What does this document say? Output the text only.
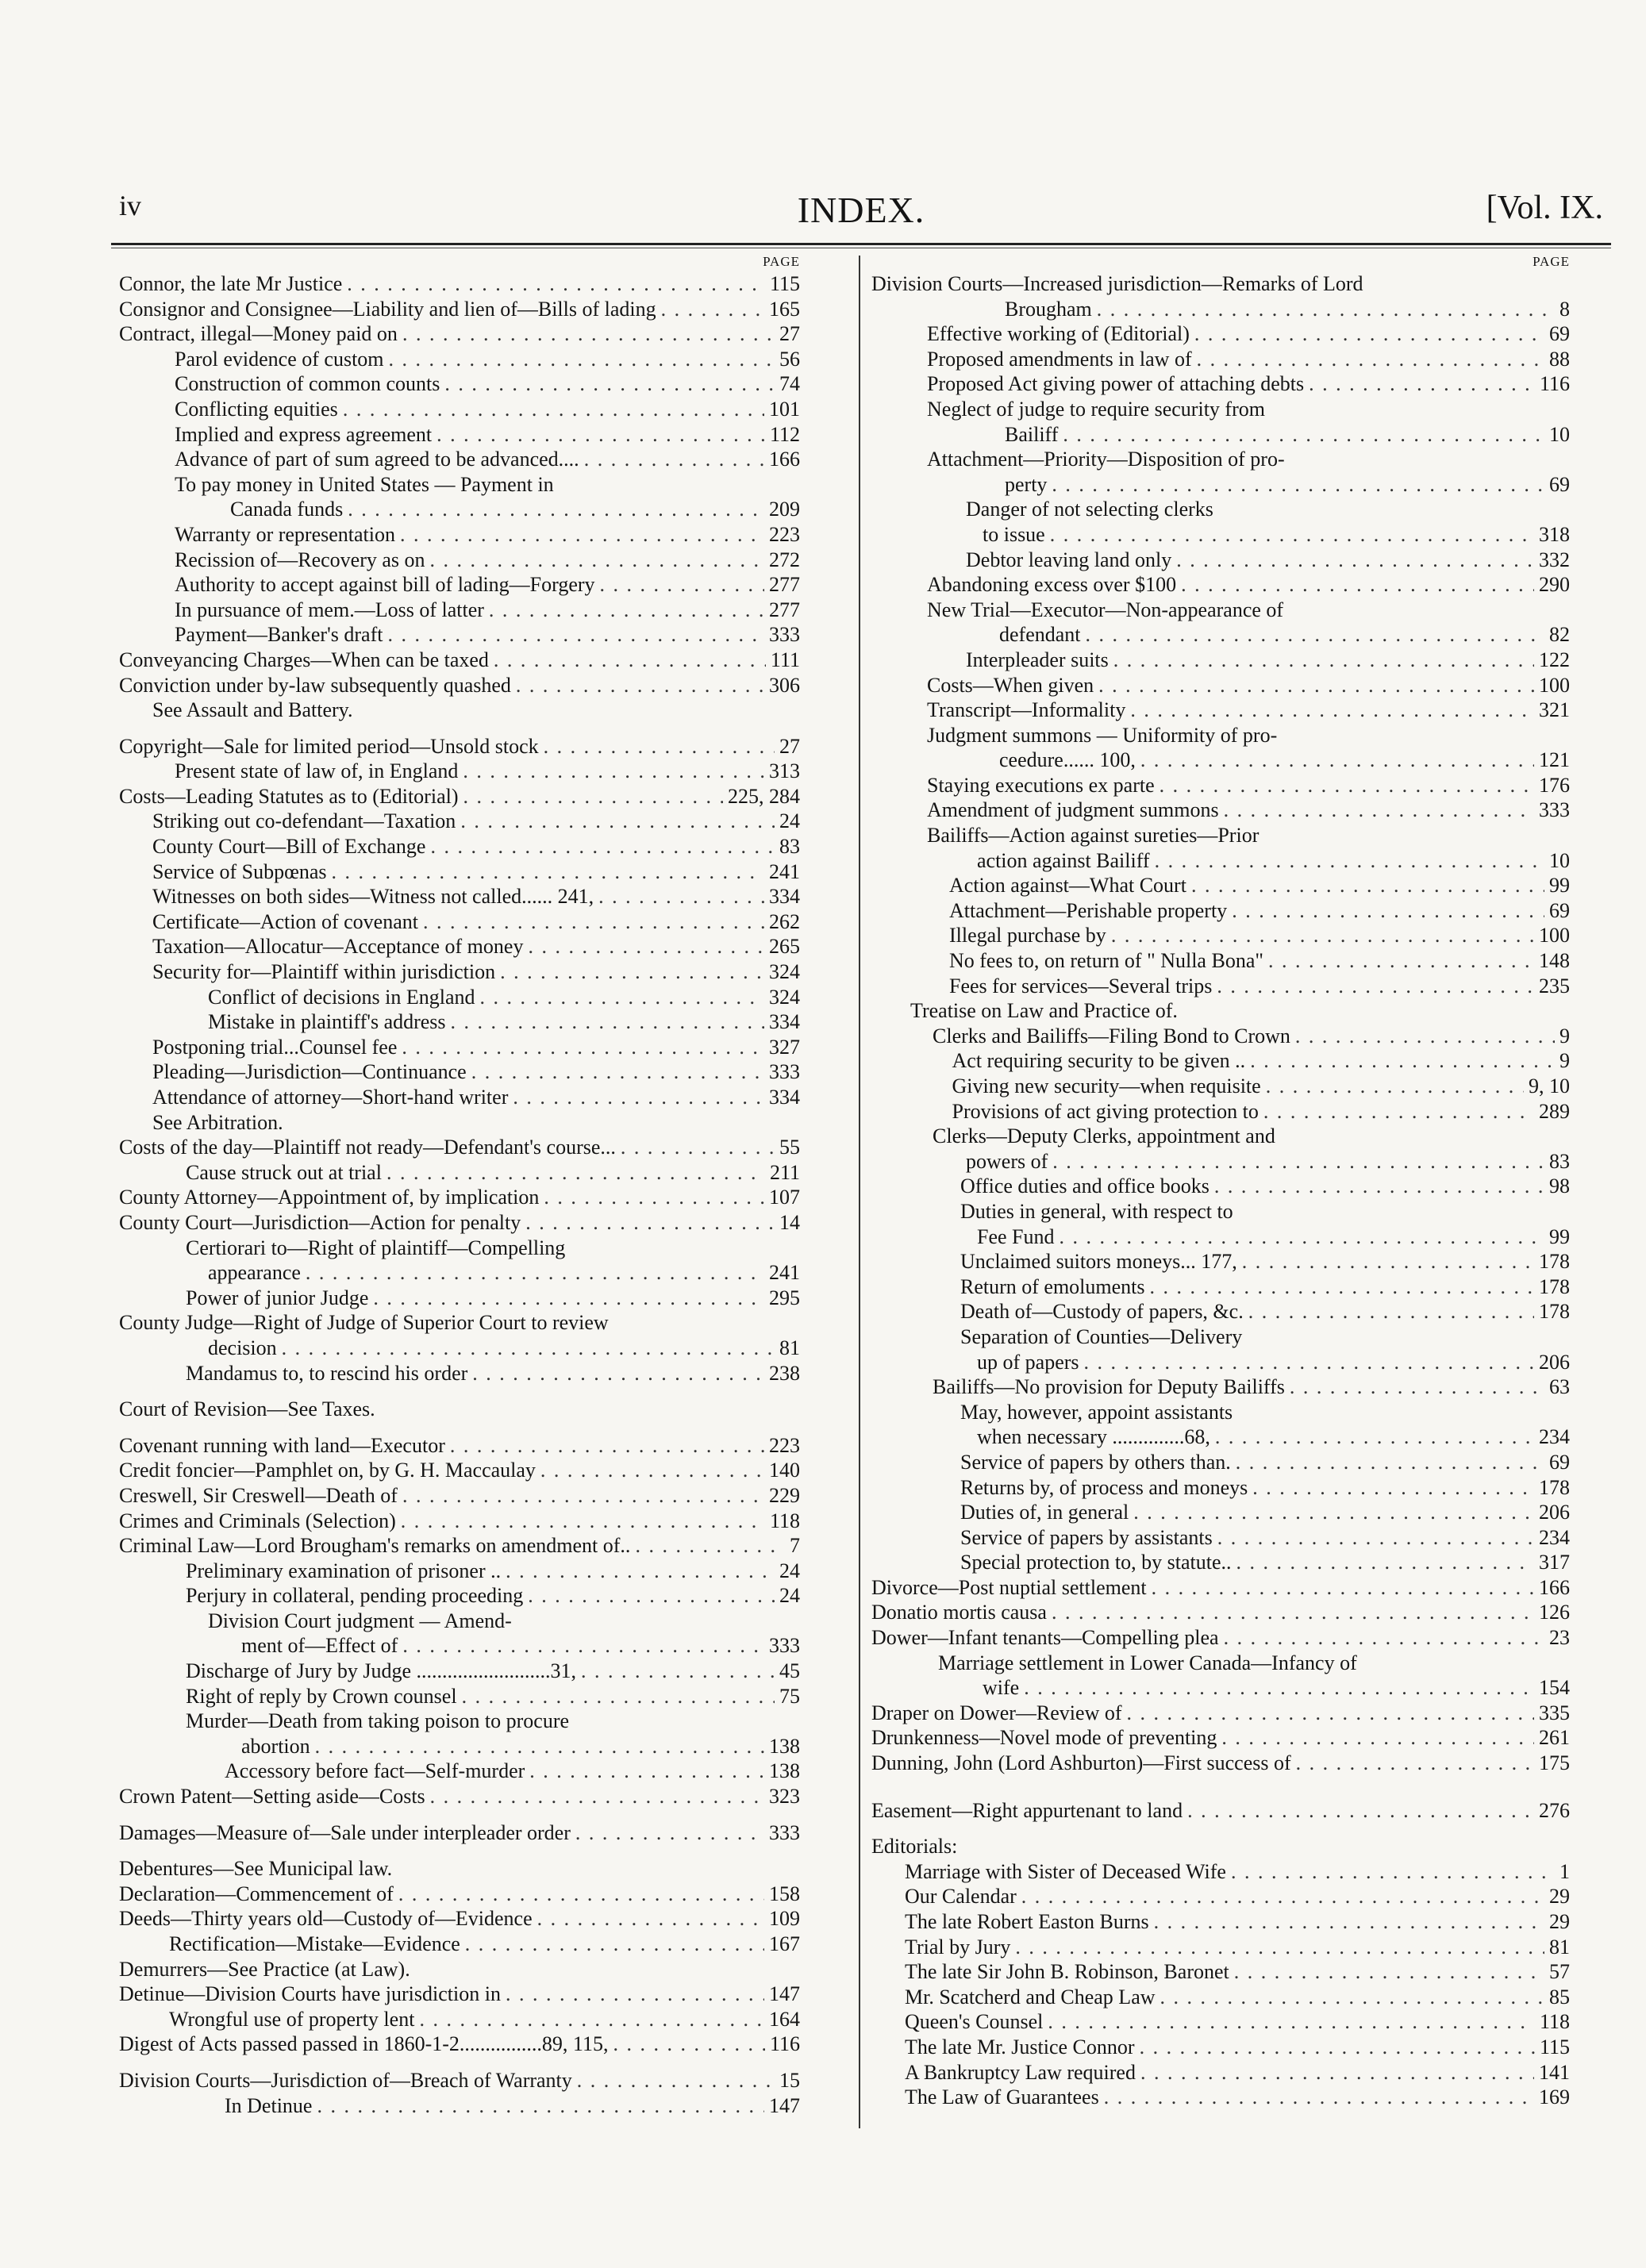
iv	INDEX.	[Vol. IX.
PAGE
Connor, the late Mr Justice . . .	115
Consignor and Consignee—Liability and lien of—Bills of lading . . .	165
Contract, illegal—Money paid on . . .	27
Parol evidence of custom . . .	56
Construction of common counts . . .	74
Conflicting equities . . .	101
Implied and express agreement . . .	112
Advance of part of sum agreed to be advanced.... . . .	166
To pay money in United States — Payment in
Canada funds . . .	209
Warranty or representation . . .	223
Recission of—Recovery as on . . .	272
Authority to accept against bill of lading—Forgery . . .	277
In pursuance of mem.—Loss of latter . . .	277
Payment—Banker's draft . . .	333
Conveyancing Charges—When can be taxed . . .	111
Conviction under by-law subsequently quashed . . .	306
See Assault and Battery.
Copyright—Sale for limited period—Unsold stock . . .	27
Present state of law of, in England . . .	313
Costs—Leading Statutes as to (Editorial) . . .	225, 284
Striking out co-defendant—Taxation . . .	24
County Court—Bill of Exchange . . .	83
Service of Subpœnas . . .	241
Witnesses on both sides—Witness not called...... 241, . . .	334
Certificate—Action of covenant . . .	262
Taxation—Allocatur—Acceptance of money . . .	265
Security for—Plaintiff within jurisdiction . . .	324
Conflict of decisions in England . . .	324
Mistake in plaintiff's address . . .	334
Postponing trial...Counsel fee . . .	327
Pleading—Jurisdiction—Continuance . . .	333
Attendance of attorney—Short-hand writer . . .	334
See Arbitration.
Costs of the day—Plaintiff not ready—Defendant's course... . . .	55
Cause struck out at trial . . .	211
County Attorney—Appointment of, by implication . . .	107
County Court—Jurisdiction—Action for penalty . . .	14
Certiorari to—Right of plaintiff—Compelling
appearance . . .	241
Power of junior Judge . . .	295
County Judge—Right of Judge of Superior Court to review
decision . . .	81
Mandamus to, to rescind his order . . .	238
Court of Revision—See Taxes.
Covenant running with land—Executor . . .	223
Credit foncier—Pamphlet on, by G. H. Maccaulay . . .	140
Creswell, Sir Creswell—Death of . . .	229
Crimes and Criminals (Selection) . . .	118
Criminal Law—Lord Brougham's remarks on amendment of.. . . .	7
Preliminary examination of prisoner .. . . .	24
Perjury in collateral, pending proceeding . . .	24
Division Court judgment — Amend-
ment of—Effect of . . .	333
Discharge of Jury by Judge ..........................31, . . .	45
Right of reply by Crown counsel . . .	75
Murder—Death from taking poison to procure
abortion . . .	138
Accessory before fact—Self-murder . . .	138
Crown Patent—Setting aside—Costs . . .	323
Damages—Measure of—Sale under interpleader order . . .	333
Debentures—See Municipal law.
Declaration—Commencement of . . .	158
Deeds—Thirty years old—Custody of—Evidence . . .	109
Rectification—Mistake—Evidence . . .	167
Demurrers—See Practice (at Law).
Detinue—Division Courts have jurisdiction in . . .	147
Wrongful use of property lent . . .	164
Digest of Acts passed passed in 1860-1-2................89, 115, . . .	116
Division Courts—Jurisdiction of—Breach of Warranty . . .	15
In Detinue . . .	147
PAGE
Division Courts—Increased jurisdiction—Remarks of Lord
Brougham . . .	8
Effective working of (Editorial) . . .	69
Proposed amendments in law of . . .	88
Proposed Act giving power of attaching debts . . .	116
Neglect of judge to require security from
Bailiff . . .	10
Attachment—Priority—Disposition of pro-
perty . . .	69
Danger of not selecting clerks
to issue . . .	318
Debtor leaving land only . . .	332
Abandoning excess over $100 . . .	290
New Trial—Executor—Non-appearance of
defendant . . .	82
Interpleader suits . . .	122
Costs—When given . . .	100
Transcript—Informality . . .	321
Judgment summons — Uniformity of pro-
ceedure...... 100, . . .	121
Staying executions ex parte . . .	176
Amendment of judgment summons . . .	333
Bailiffs—Action against sureties—Prior
action against Bailiff . . .	10
Action against—What Court . . .	99
Attachment—Perishable property . . .	69
Illegal purchase by . . .	100
No fees to, on return of " Nulla Bona" . . .	148
Fees for services—Several trips . . .	235
Treatise on Law and Practice of.
Clerks and Bailiffs—Filing Bond to Crown . . .	9
Act requiring security to be given .. . . .	9
Giving new security—when requisite . . .	9, 10
Provisions of act giving protection to . . .	289
Clerks—Deputy Clerks, appointment and
powers of . . .	83
Office duties and office books . . .	98
Duties in general, with respect to
Fee Fund . . .	99
Unclaimed suitors moneys... 177, . . .	178
Return of emoluments . . .	178
Death of—Custody of papers, &c. . . .	178
Separation of Counties—Delivery
up of papers . . .	206
Bailiffs—No provision for Deputy Bailiffs . . .	63
May, however, appoint assistants
when necessary ..............68, . . .	234
Service of papers by others than. . . .	69
Returns by, of process and moneys . . .	178
Duties of, in general . . .	206
Service of papers by assistants . . .	234
Special protection to, by statute.. . . .	317
Divorce—Post nuptial settlement . . .	166
Donatio mortis causa . . .	126
Dower—Infant tenants—Compelling plea . . .	23
Marriage settlement in Lower Canada—Infancy of
wife . . .	154
Draper on Dower—Review of . . .	335
Drunkenness—Novel mode of preventing . . .	261
Dunning, John (Lord Ashburton)—First success of . . .	175
Easement—Right appurtenant to land . . .	276
Editorials:
Marriage with Sister of Deceased Wife . . .	1
Our Calendar . . .	29
The late Robert Easton Burns . . .	29
Trial by Jury . . .	81
The late Sir John B. Robinson, Baronet . . .	57
Mr. Scatcherd and Cheap Law . . .	85
Queen's Counsel . . .	118
The late Mr. Justice Connor . . .	115
A Bankruptcy Law required . . .	141
The Law of Guarantees . . .	169
